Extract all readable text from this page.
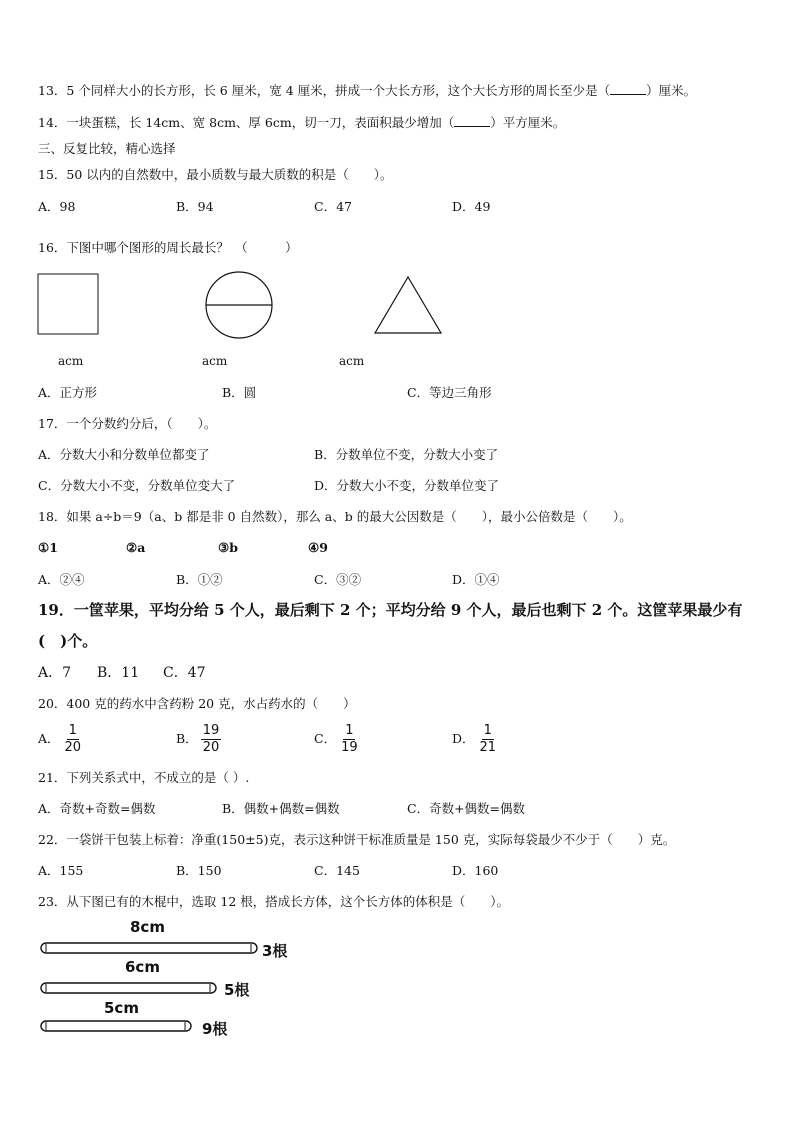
13．5 个同样大小的长方形，长 6 厘米，宽 4 厘米，拼成一个大长方形，这个大长方形的周长至少是（	）厘米。
14．一块蛋糕，长 14cm、宽 8cm、厚 6cm，切一刀，表面积最少增加（	）平方厘米。
三、反复比较，精心选择
15．50 以内的自然数中，最小质数与最大质数的积是（　　）。
A．98	B．94	C．47	D．49
16．下图中哪个图形的周长最长？　（　　　）
acm	acm	acm
A．正方形	B．圆	C．等边三角形
17．一个分数约分后，（　　）。
A．分数大小和分数单位都变了	B．分数单位不变，分数大小变了
C．分数大小不变，分数单位变大了	D．分数大小不变，分数单位变了
18．如果 a÷b＝9（a、b 都是非 0 自然数），那么 a、b 的最大公因数是（　　），最小公倍数是（　　）。
①1	②a	③b	④9
A．②④	B．①②	C．③②	D．①④
19．一筐苹果，平均分给 5 个人，最后剩下 2 个；平均分给 9 个人，最后也剩下 2 个。这筐苹果最少有
(　)个。
A．7 B．11 C．47
20．400 克的药水中含药粉 20 克，水占药水的（　　）
A． $\frac{1}{20}$	B． $\frac{19}{20}$	C． $\frac{1}{19}$	D． $\frac{1}{21}$
21．下列关系式中，不成立的是（ ）.
A．奇数+奇数=偶数	B．偶数+偶数=偶数	C．奇数+偶数=偶数
22．一袋饼干包装上标着：净重(150±5)克，表示这种饼干标准质量是 150 克，实际每袋最少不少于（　　）克。
A．155	B．150	C．145	D．160
23．从下图已有的木棍中，选取 12 根，搭成长方体，这个长方体的体积是（　　）。
8cm
3根
6cm
5根
5cm
9根
